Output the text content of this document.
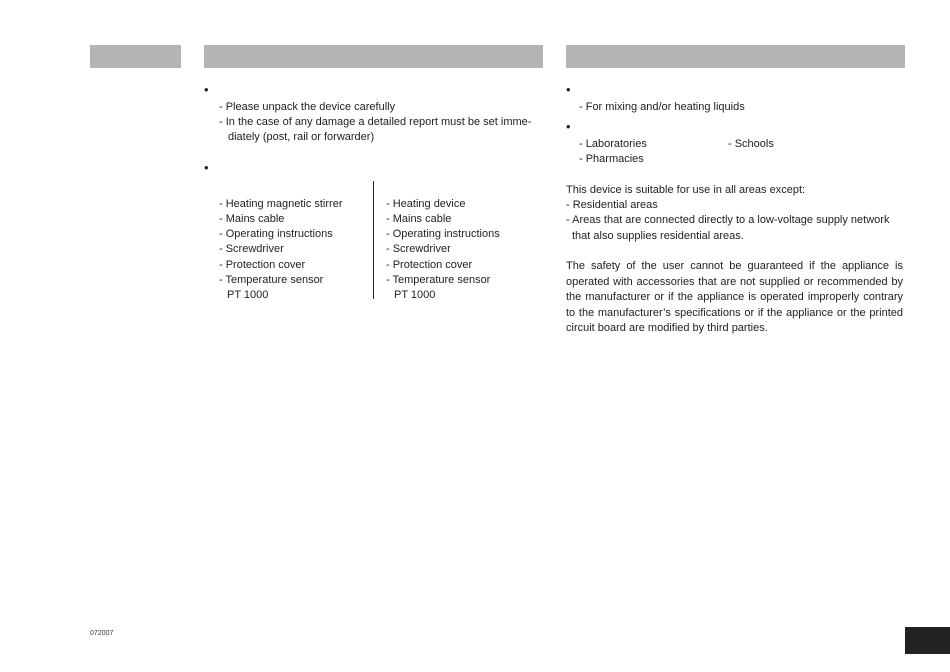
•
- Please unpack the device carefully
- In the case of any damage a detailed report must be set imme-
diately (post, rail or forwarder)
•
- Heating magnetic stirrer
- Mains cable
- Operating instructions
- Screwdriver
- Protection cover
- Temperature sensor
PT 1000
- Heating device
- Mains cable
- Operating instructions
- Screwdriver
- Protection cover
- Temperature sensor
PT 1000
•
- For mixing and/or heating liquids
•
- Laboratories	- Schools
- Pharmacies
This device is suitable for use in all areas except:
- Residential areas
- Areas that are connected directly to a low-voltage supply network
that also supplies residential areas.
The safety of the user cannot be guaranteed if the appliance is operated with accessories that are not supplied or recommended by the manufacturer or if the appliance is operated improperly contrary to the manufacturer’s specifications or if the appliance or the printed circuit board are modified by third parties.
072007
